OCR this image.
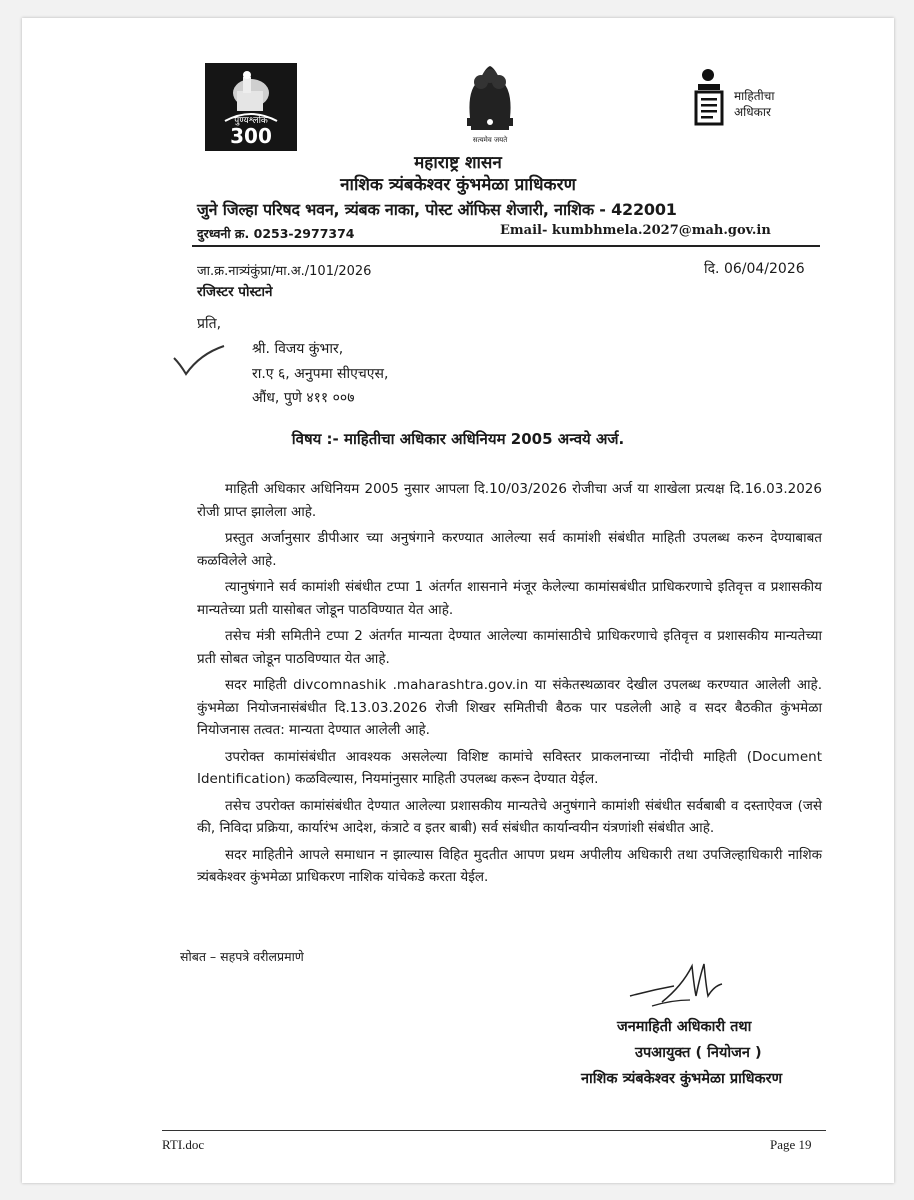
300
पुण्यश्लोक
सत्यमेव जयते
माहितीचा
अधिकार
महाराष्ट्र शासन
नाशिक त्र्यंबकेश्वर कुंभमेळा प्राधिकरण
जुने जिल्हा परिषद भवन, त्र्यंबक नाका, पोस्ट ऑफिस शेजारी, नाशिक - 422001
दुरध्वनी क्र. 0253-2977374	Email- kumbhmela.2027@mah.gov.in
जा.क्र.नात्र्यंकुंप्रा/मा.अ./101/2026	दि. 06/04/2026
रजिस्टर पोस्टाने
प्रति,
श्री. विजय कुंभार,
रा.ए ६, अनुपमा सीएचएस,
औंध, पुणे ४११ ००७
विषय :- माहितीचा अधिकार अधिनियम 2005 अन्वये अर्ज.

माहिती अधिकार अधिनियम 2005 नुसार आपला दि.10/03/2026 रोजीचा अर्ज या शाखेला प्रत्यक्ष दि.16.03.2026 रोजी प्राप्त झालेला आहे.

प्रस्तुत अर्जानुसार डीपीआर च्या अनुषंगाने करण्यात आलेल्या सर्व कामांशी संबंधीत माहिती उपलब्ध करुन देण्याबाबत कळविलेले आहे.

त्यानुषंगाने सर्व कामांशी संबंधीत टप्पा 1 अंतर्गत शासनाने मंजूर केलेल्या कामांसबंधीत प्राधिकरणाचे इतिवृत्त व प्रशासकीय मान्यतेच्या प्रती यासोबत जोडून पाठविण्यात येत आहे.

तसेच मंत्री समितीने टप्पा 2 अंतर्गत मान्यता देण्यात आलेल्या कामांसाठीचे प्राधिकरणाचे इतिवृत्त व प्रशासकीय मान्यतेच्या प्रती सोबत जोडून पाठविण्यात येत आहे.

सदर माहिती divcomnashik .maharashtra.gov.in या संकेतस्थळावर देखील उपलब्ध करण्यात आलेली आहे. कुंभमेळा नियोजनासंबंधीत दि.13.03.2026 रोजी शिखर समितीची बैठक पार पडलेली आहे व सदर बैठकीत कुंभमेळा नियोजनास तत्वत: मान्यता देण्यात आलेली आहे.

उपरोक्त कामांसंबंधीत आवश्यक असलेल्या विशिष्ट कामांचे सविस्तर प्राकलनाच्या नोंदीची माहिती (Document Identification) कळविल्यास, नियमांनुसार माहिती उपलब्ध करून देण्यात येईल.

तसेच उपरोक्त कामांसंबंधीत देण्यात आलेल्या प्रशासकीय मान्यतेचे अनुषंगाने कामांशी संबंधीत सर्वबाबी व दस्ताऐवज (जसे की, निविदा प्रक्रिया, कार्यारंभ आदेश, कंत्राटे व इतर बाबी) सर्व संबंधीत कार्यान्वयीन यंत्रणांशी संबंधीत आहे.

सदर माहितीने आपले समाधान न झाल्यास विहित मुदतीत आपण प्रथम अपीलीय अधिकारी तथा उपजिल्हाधिकारी नाशिक त्र्यंबकेश्वर कुंभमेळा प्राधिकरण नाशिक यांचेकडे करता येईल.

सोबत – सहपत्रे वरीलप्रमाणे
जनमाहिती अधिकारी तथा
उपआयुक्त ( नियोजन )
नाशिक त्र्यंबकेश्वर कुंभमेळा प्राधिकरण
RTI.doc	Page 19
